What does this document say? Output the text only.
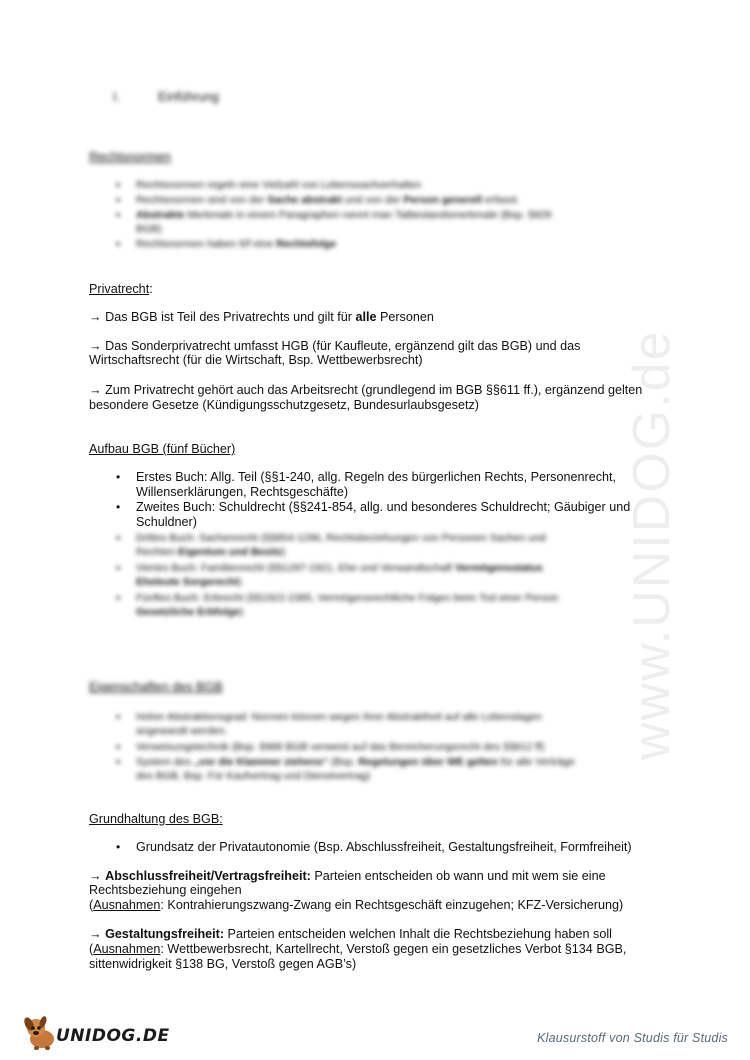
I.	Einführung
Rechtsnormen
• Rechtsnormen regeln eine Vielzahl von Lebenssachverhalten
• Rechtsnormen sind von der Sache abstrakt und von der Person generell erfasst.
• Abstrakte Merkmale in einem Paragraphen nennt man Tatbestandsmerkmale (Bsp. §929
BGB)
• Rechtsnormen haben lt/f eine Rechtsfolge
Privatrecht:
→ Das BGB ist Teil des Privatrechts und gilt für alle Personen
→ Das Sonderprivatrecht umfasst HGB (für Kaufleute, ergänzend gilt das BGB) und das
Wirtschaftsrecht (für die Wirtschaft, Bsp. Wettbewerbsrecht)
→ Zum Privatrecht gehört auch das Arbeitsrecht (grundlegend im BGB §§611 ff.), ergänzend gelten
besondere Gesetze (Kündigungsschutzgesetz, Bundesurlaubsgesetz)
Aufbau BGB (fünf Bücher)
• Erstes Buch: Allg. Teil (§§1-240, allg. Regeln des bürgerlichen Rechts, Personenrecht,
Willenserklärungen, Rechtsgeschäfte)
• Zweites Buch: Schuldrecht (§§241-854, allg. und besonderes Schuldrecht; Gäubiger und
Schuldner)
• Drittes Buch: Sachenrecht (§§854-1296, Rechtsbeziehungen von Personen Sachen und
Rechten Eigentum und Besitz)
• Viertes Buch: Familienrecht (§§1297-1921, Ehe und Verwandtschaft Vermögensstatus
Eheleute Sorgerecht)
• Fünftes Buch: Erbrecht (§§1922-2385, Vermögensrechtliche Folgen beim Tod einer Person
Gesetzliche Erbfolge)
Eigenschaften des BGB
• Hoher Abstraktionsgrad: Normen können wegen ihrer Abstraktheit auf alle Lebenslagen
angewandt werden.
• Verweisungstechnik (Bsp. §988 BGB verweist auf das Bereicherungsrecht des §§812 ff)
• System des „vor die Klammer ziehens“ (Bsp. Regelungen über WE gelten für alle Verträge
des BGB, Bsp. Für Kaufvertrag und Dienstvertrag)
Grundhaltung des BGB:
• Grundsatz der Privatautonomie (Bsp. Abschlussfreiheit, Gestaltungsfreiheit, Formfreiheit)
→ Abschlussfreiheit/Vertragsfreiheit: Parteien entscheiden ob wann und mit wem sie eine
Rechtsbeziehung eingehen
(Ausnahmen: Kontrahierungszwang-Zwang ein Rechtsgeschäft einzugehen; KFZ-Versicherung)
→ Gestaltungsfreiheit: Parteien entscheiden welchen Inhalt die Rechtsbeziehung haben soll
(Ausnahmen: Wettbewerbsrecht, Kartellrecht, Verstoß gegen ein gesetzliches Verbot §134 BGB,
sittenwidrigkeit §138 BG, Verstoß gegen AGB’s)
www.UNIDOG.de
UNIDOG.DE	Klausurstoff von Studis für Studis
